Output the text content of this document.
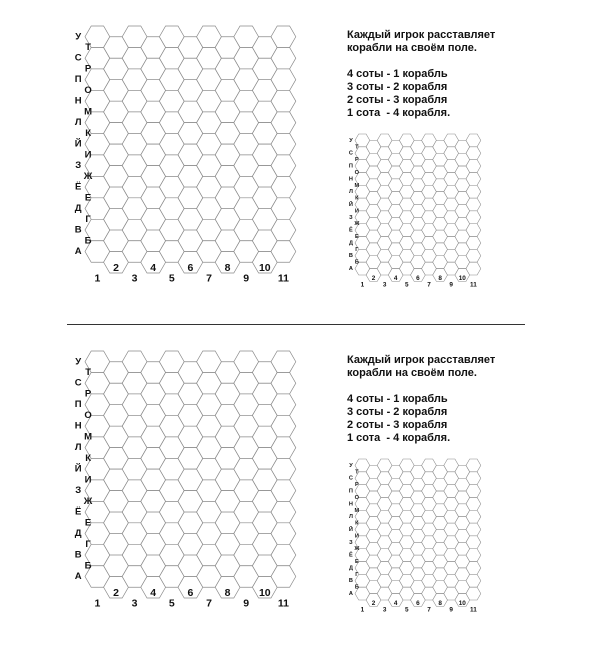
У
Т
С
Р
П
О
Н
М
Л
К
Й
И
З
Ж
Ё
Е
Д
Г
В
Б
А
1
2
3
4
5
6
7
8
9
10
11
Каждый игрок расставляет
корабли на своём поле.
4 соты - 1 корабль
3 соты - 2 корабля
2 соты - 3 корабля
1 сота  - 4 корабля.
У
Т
С
Р
П
О
Н
М
Л
К
Й
И
З
Ж
Ё
Е
Д
Г
В
Б
А
1
2
3
4
5
6
7
8
9
10
11
У
Т
С
Р
П
О
Н
М
Л
К
Й
И
З
Ж
Ё
Е
Д
Г
В
Б
А
1
2
3
4
5
6
7
8
9
10
11
Каждый игрок расставляет
корабли на своём поле.
4 соты - 1 корабль
3 соты - 2 корабля
2 соты - 3 корабля
1 сота  - 4 корабля.
У
Т
С
Р
П
О
Н
М
Л
К
Й
И
З
Ж
Ё
Е
Д
Г
В
Б
А
1
2
3
4
5
6
7
8
9
10
11
